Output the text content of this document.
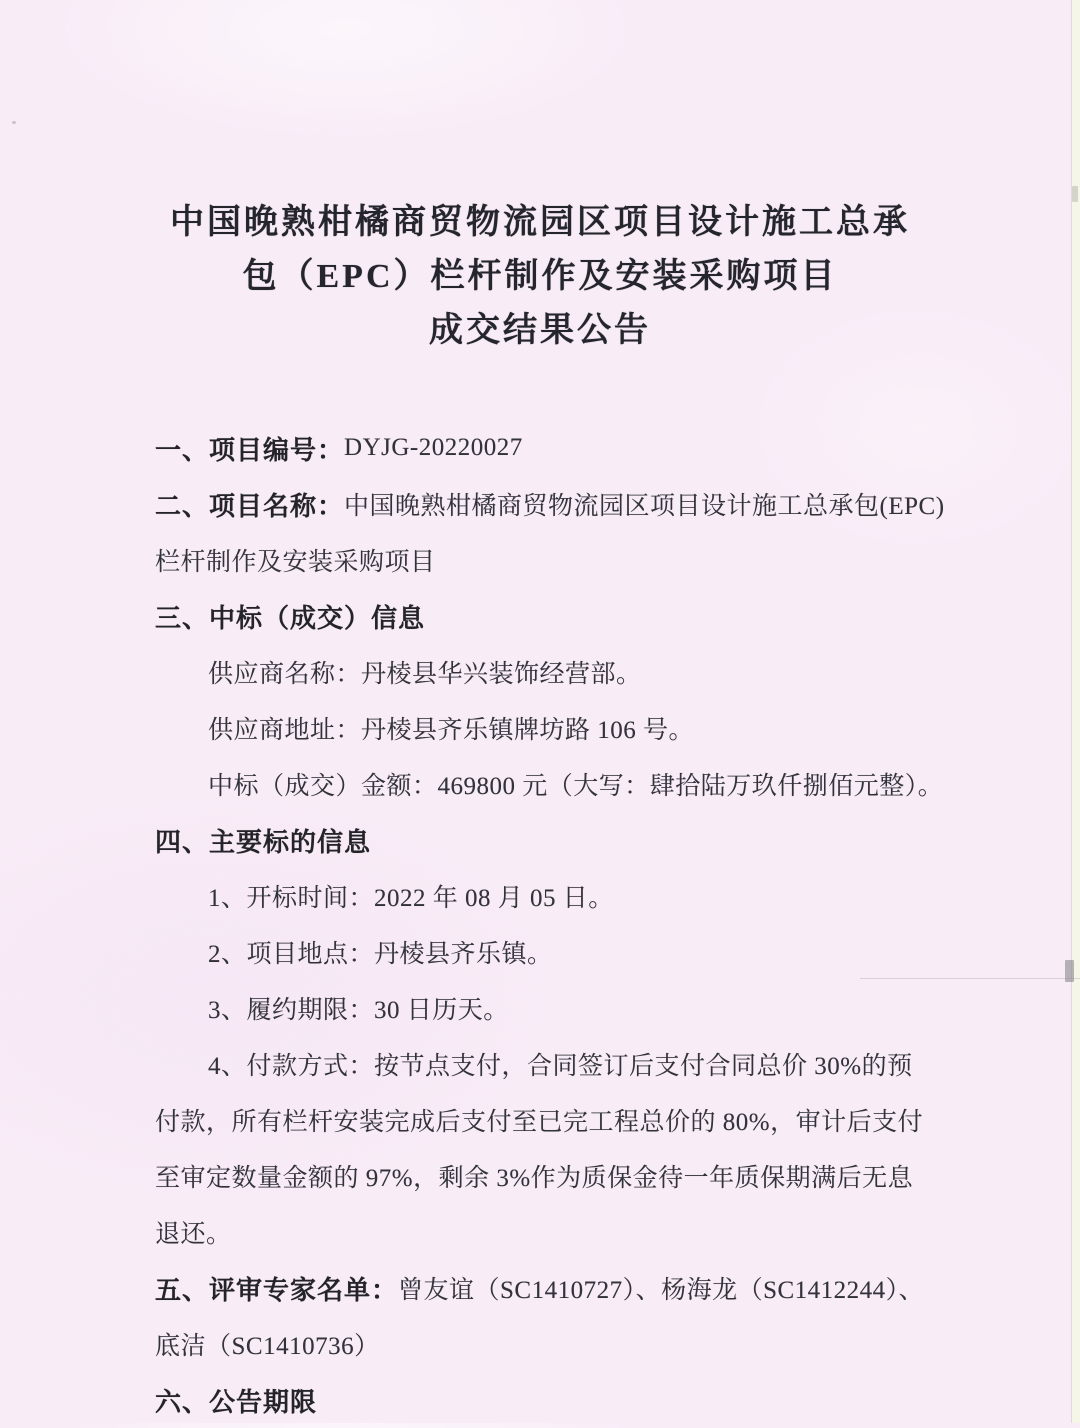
中国晚熟柑橘商贸物流园区项目设计施工总承
包（EPC）栏杆制作及安装采购项目
成交结果公告
一、项目编号： DYJG-20220027
二、项目名称： 中国晚熟柑橘商贸物流园区项目设计施工总承包(EPC)
栏杆制作及安装采购项目
三、中标（成交）信息
供应商名称：丹棱县华兴装饰经营部。
供应商地址：丹棱县齐乐镇牌坊路 106 号。
中标（成交）金额：469800 元（大写：肆拾陆万玖仟捌佰元整）。
四、主要标的信息
1、开标时间：2022 年 08 月 05 日。
2、项目地点：丹棱县齐乐镇。
3、履约期限：30 日历天。
4、付款方式：按节点支付，合同签订后支付合同总价 30%的预
付款，所有栏杆安装完成后支付至已完工程总价的 80%，审计后支付
至审定数量金额的 97%，剩余 3%作为质保金待一年质保期满后无息
退还。
五、评审专家名单： 曾友谊（SC1410727）、杨海龙（SC1412244）、
底洁（SC1410736）
六、公告期限
